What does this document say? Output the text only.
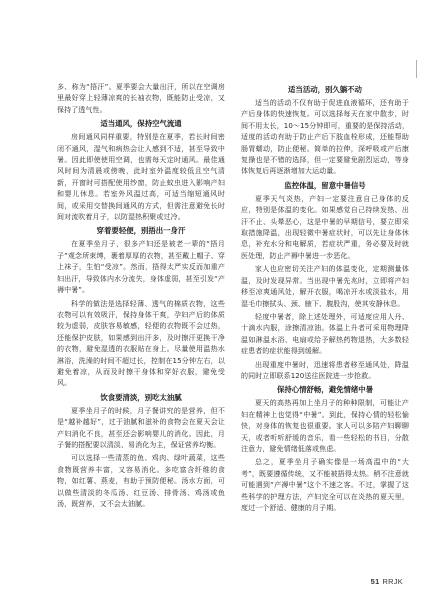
多、称为“捂汗”。夏季要会大量出汗，所以在空调房里最好穿上轻薄凉爽的长袖衣物，既能防止受凉，又保持了透气性。

适当通风，保持空气流通

房间通风同样重要，特别是在夏季，若长时间密闭不通风，湿气和病热会让人感到不适，甚至导致中暑。因此即使使用空调，也需每天定时通风。最佳通风时间为清晨或傍晚，此时室外温度较低且空气清新，开窗时可搭配使用纱窗，防止蚊虫进入影响产妇和婴儿休息。若室外风温过高，可适当缩短通风时间，或采用交替换间通风的方式，但需注意避免长时间对流吹着月子，以防湿热积聚或过冷。

穿着要轻便，别捂出一身汗

在夏季坐月子，很多产妇还是被老一辈的“捂月子”观念所束缚，裹着厚厚的衣物，甚至戴上帽子、穿上袜子，生怕“受凉”。然而，捂得太严实反而加重产妇出汗，导致体内水分流失，身体虚弱，甚至引发“产褥中暑”。

科学的做法是选择轻薄、透气的棉质衣物，这些衣物可以有效吸汗，保持身体干爽，孕妇产后的体质较为虚弱，皮肤容易敏感，轻便的衣物既不会过热，还能保护皮肤，如果感到出汗多，及时擦汗更换干净的衣物，避免湿透的衣服贴在身上。尽量使用温热水淋浴，洗澡的时间不超过长，控制在15分钟左右，以避免着凉，从而及时擦干身体和穿好衣服，避免受风。

饮食要清淡，别吃太油腻

夏季坐月子的时候，月子餐讲究的是营养，但不是“越补越好”，过于油腻和滋补的食物会在夏天会让产妇消化不良，甚至还会影响婴儿的消化。因此，月子餐的搭配要以清淡、易消化为主，保证营养均衡。

可以选择一些清蒸的鱼、鸡肉、绿叶蔬菜，这些食物既营养丰富，又容易消化。多吃富含纤维的食物，如红薯、燕麦，有助于预防便秘。汤水方面，可以做些清淡的冬瓜汤、红豆汤、排骨汤、鸡汤或鱼汤，既营养，又不会太油腻。

适当活动，别久躺不动

适当的活动不仅有助于促进血液循环，还有助于产后身体的快速恢复。可以选择每天在家中散步，时间不用太长，10～15分钟即可，重要的是保持活动，适度的活动有助于防止产后下肢血栓形成，还能帮助肠胃蠕动，防止便秘。简单的拉伸，深呼吸或产后康复操也是不错的选择，但一定要避免剧烈运动，等身体恢复后再逐渐增加大运动量。

监控体温，留意中暑信号

夏季天气炎热，产妇一定要注意自己身体的反应，特别是体温的变化。如果感觉自己持续发热、出汗不止、头晕恶心，这是中暑的早期信号，要立即采取措施降温，出现轻微中暑症状时，可以先让身体休息，补充水分和电解质，若症状严重，务必要及时就医处理，防止产褥中暑进一步恶化。

家人也应密切关注产妇的体温变化，定期测量体温，及时发现异常。当出现中暑先兆时，立即将产妇移至凉爽通风处，解开衣服，喝凉开水或淡盐水，用湿毛巾擦拭头、颈、腋下、腹股沟，使其安静休息。

轻度中暑者，除上述处理外，可适度应用人丹、十滴水内服，涂擦清凉油。体温上升者可采用物理降温如淋温水浴、电扇或给予解热药物退热，大多数轻症患者的症状能得到缓解。

出现重度中暑时，迅速将患者移至通风处，降温的同时立即联系120送往医院进一步抢救。

保持心情舒畅，避免情绪中暑

夏天的高热再加上坐月子的种种限制，可能让产妇在精神上也觉得“中暑”。到此，保持心情的轻松愉快，对身体的恢复也很重要。家人可以多陪产妇聊聊天，或者听听舒缓的音乐，看一些轻松的书目，分散注意力，避免情绪低落或焦虑。

总之，夏季坐月子确实像是一场高温中的“大考”，既要遵循传统，又不能被捂得太热。稍不注意就可能遇到“产褥中暑”这个不速之客。不过，掌握了这些科学的护理方法，产妇完全可以在炎热的夏天里，度过一个舒适、健康的月子期。

51 RRJK
